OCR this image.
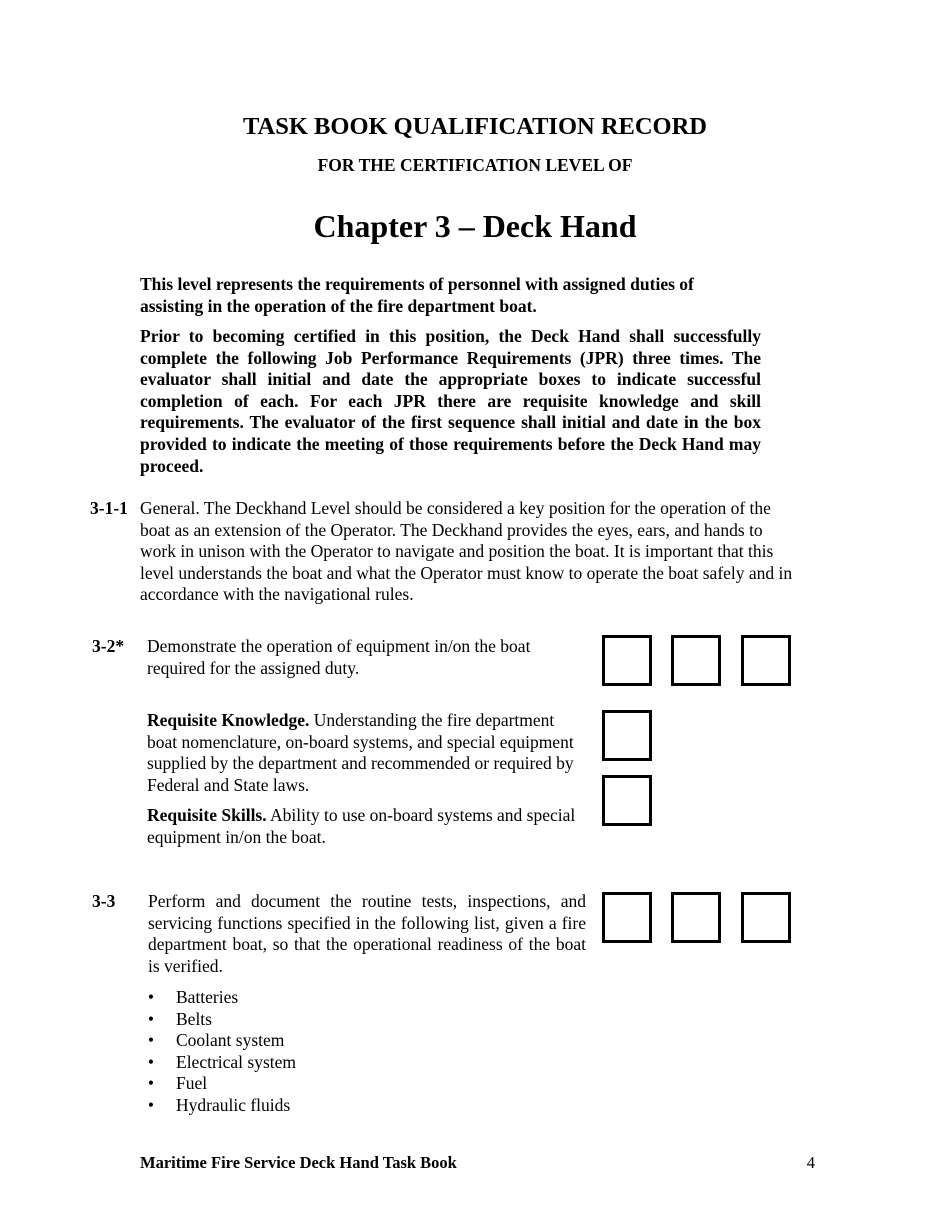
TASK BOOK QUALIFICATION RECORD
FOR THE CERTIFICATION LEVEL OF
Chapter 3 – Deck Hand
This level represents the requirements of personnel with assigned duties of assisting in the operation of the fire department boat.
Prior to becoming certified in this position, the Deck Hand shall successfully complete the following Job Performance Requirements (JPR) three times. The evaluator shall initial and date the appropriate boxes to indicate successful completion of each. For each JPR there are requisite knowledge and skill requirements. The evaluator of the first sequence shall initial and date in the box provided to indicate the meeting of those requirements before the Deck Hand may proceed.
3-1-1 General. The Deckhand Level should be considered a key position for the operation of the boat as an extension of the Operator. The Deckhand provides the eyes, ears, and hands to work in unison with the Operator to navigate and position the boat. It is important that this level understands the boat and what the Operator must know to operate the boat safely and in accordance with the navigational rules.
3-2* Demonstrate the operation of equipment in/on the boat required for the assigned duty.
Requisite Knowledge. Understanding the fire department boat nomenclature, on-board systems, and special equipment supplied by the department and recommended or required by Federal and State laws.
Requisite Skills. Ability to use on-board systems and special equipment in/on the boat.
3-3 Perform and document the routine tests, inspections, and servicing functions specified in the following list, given a fire department boat, so that the operational readiness of the boat is verified.
• Batteries
• Belts
• Coolant system
• Electrical system
• Fuel
• Hydraulic fluids
Maritime Fire Service Deck Hand Task Book	4
